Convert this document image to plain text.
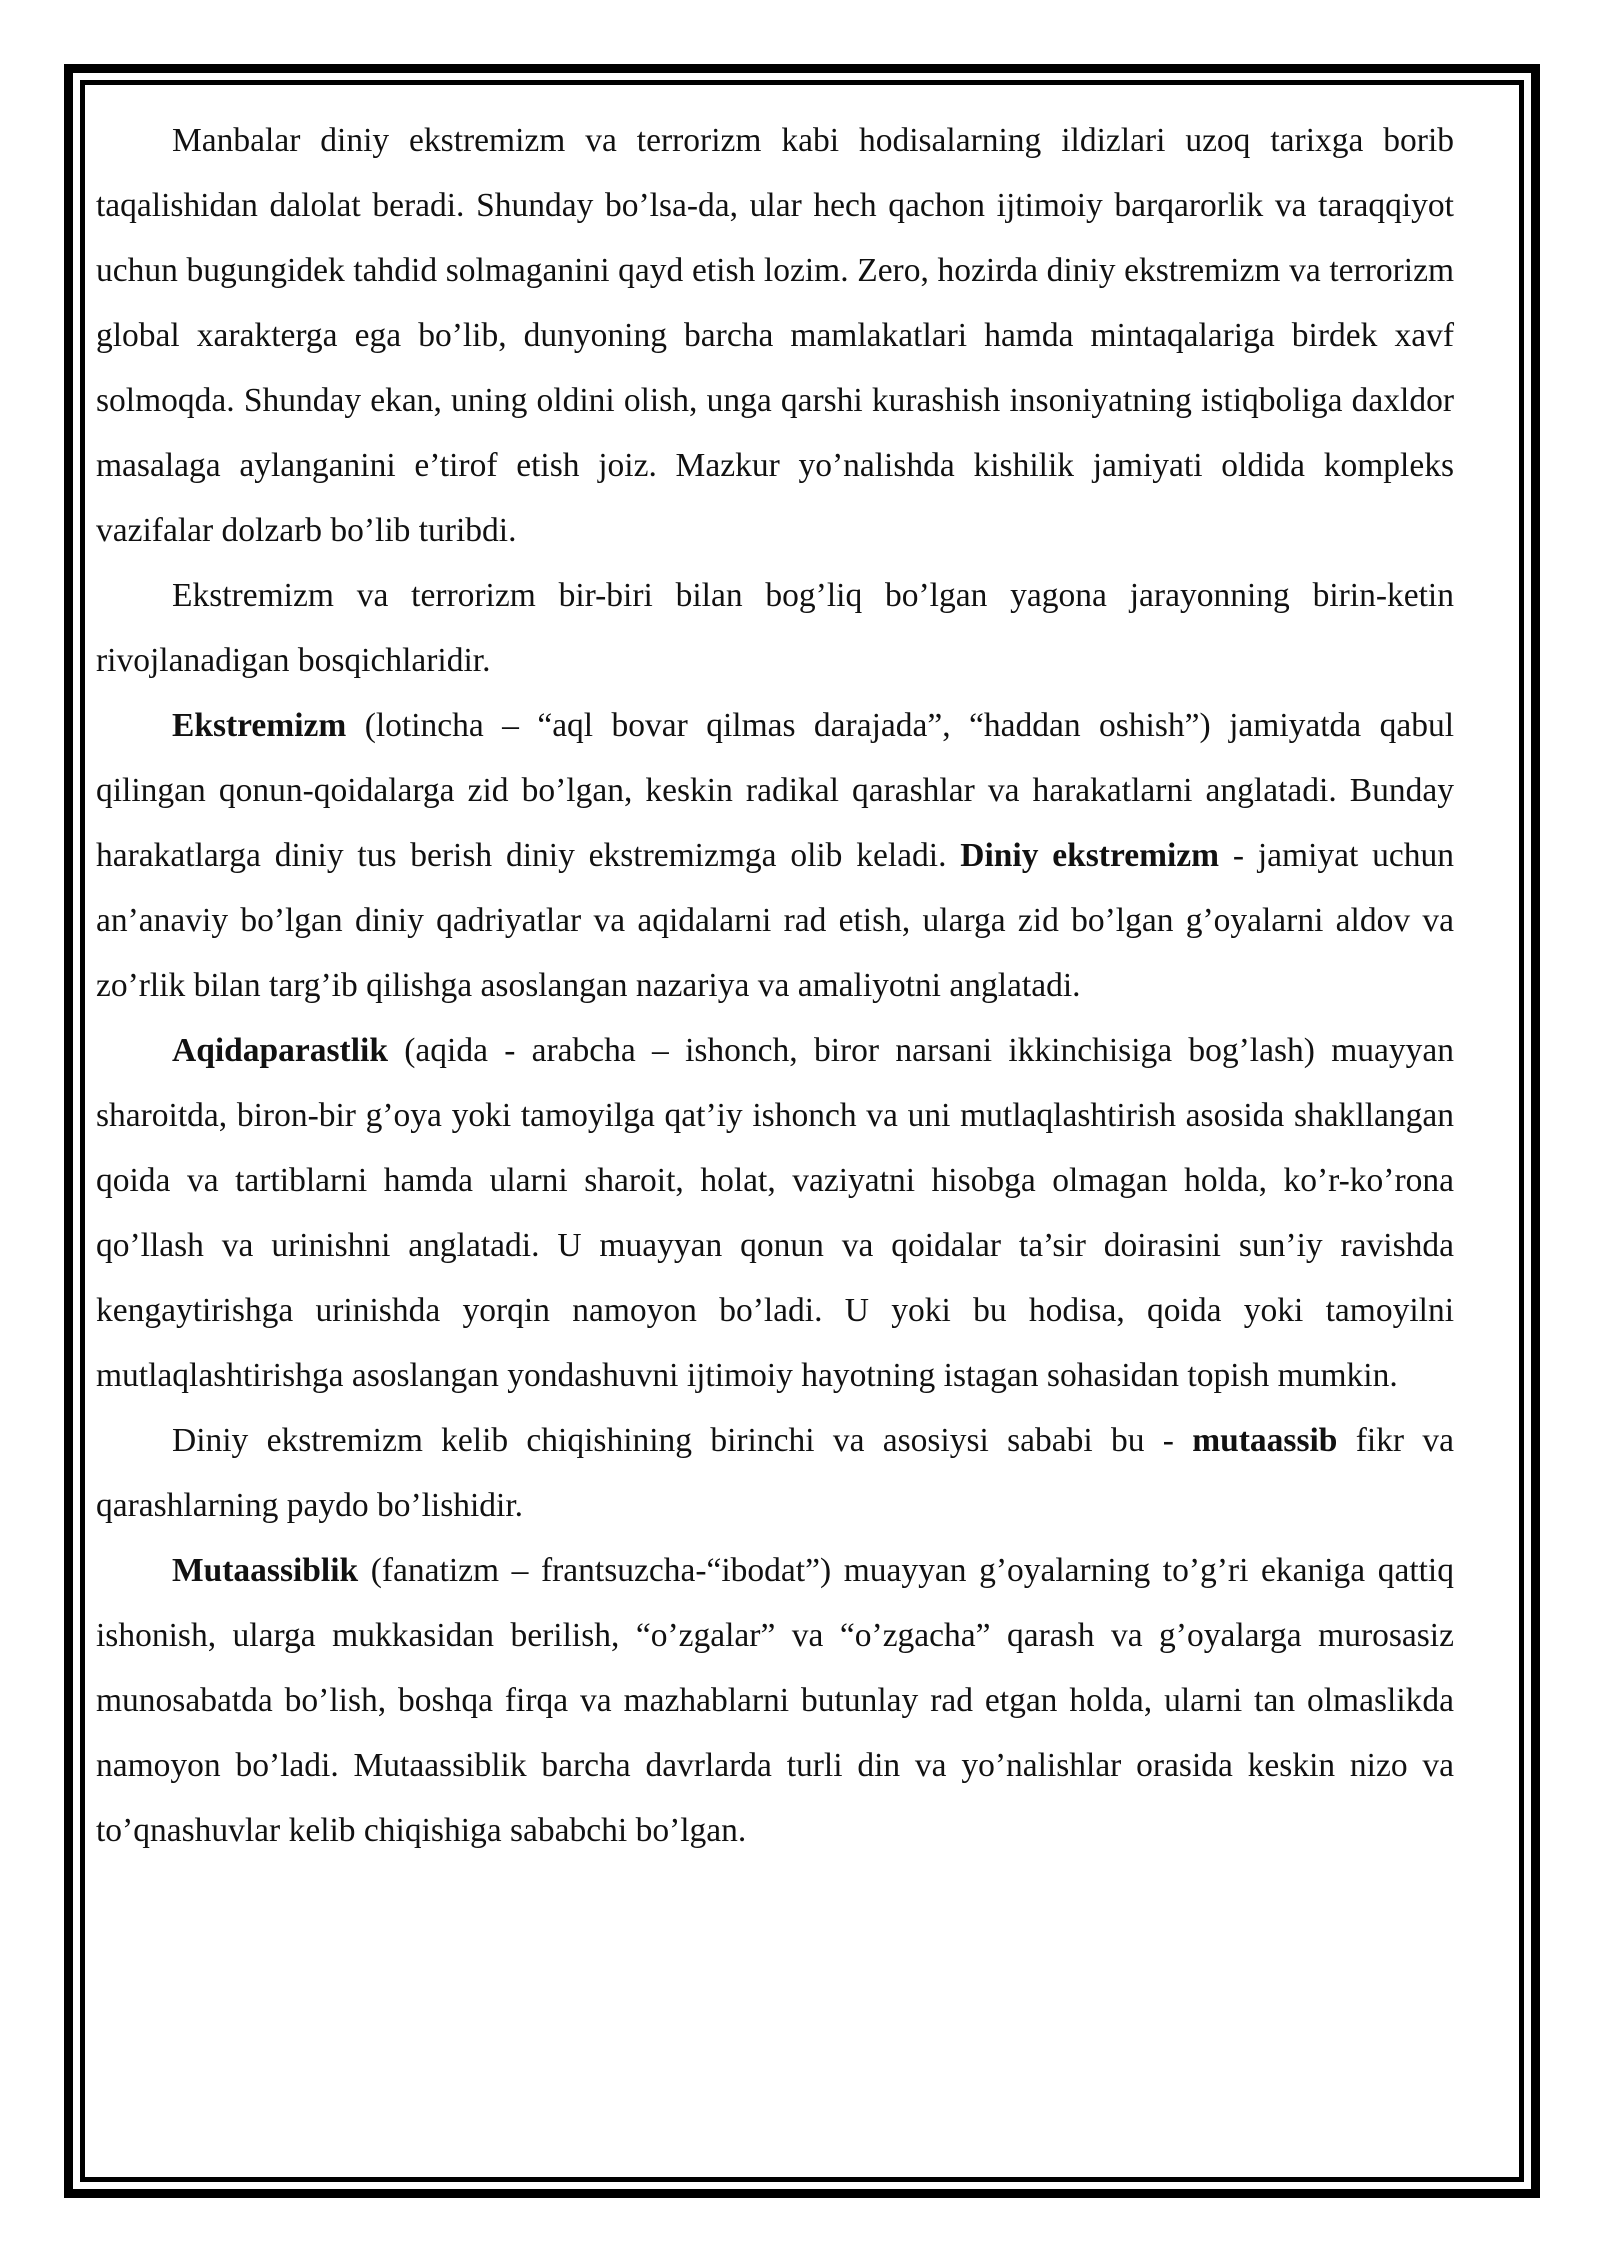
Manbalar diniy ekstremizm va terrorizm kabi hodisalarning ildizlari uzoq tarixga borib taqalishidan dalolat beradi. Shunday bo’lsa-da, ular hech qachon ijtimoiy barqarorlik va taraqqiyot uchun bugungidek tahdid solmaganini qayd etish lozim. Zero, hozirda diniy ekstremizm va terrorizm global xarakterga ega bo’lib, dunyoning barcha mamlakatlari hamda mintaqalariga birdek xavf solmoqda. Shunday ekan, uning oldini olish, unga qarshi kurashish insoniyatning istiqboliga daxldor masalaga aylanganini e’tirof etish joiz. Mazkur yo’nalishda kishilik jamiyati oldida kompleks vazifalar dolzarb bo’lib turibdi.

Ekstremizm va terrorizm bir-biri bilan bog’liq bo’lgan yagona jarayonning birin-ketin rivojlanadigan bosqichlaridir.

Ekstremizm (lotincha – “aql bovar qilmas darajada”, “haddan oshish”) jamiyatda qabul qilingan qonun-qoidalarga zid bo’lgan, keskin radikal qarashlar va harakatlarni anglatadi. Bunday harakatlarga diniy tus berish diniy ekstremizmga olib keladi. Diniy ekstremizm - jamiyat uchun an’anaviy bo’lgan diniy qadriyatlar va aqidalarni rad etish, ularga zid bo’lgan g’oyalarni aldov va zo’rlik bilan targ’ib qilishga asoslangan nazariya va amaliyotni anglatadi.

Aqidaparastlik (aqida - arabcha – ishonch, biror narsani ikkinchisiga bog’lash) muayyan sharoitda, biron-bir g’oya yoki tamoyilga qat’iy ishonch va uni mutlaqlashtirish asosida shakllangan qoida va tartiblarni hamda ularni sharoit, holat, vaziyatni hisobga olmagan holda, ko’r-ko’rona qo’llash va urinishni anglatadi. U muayyan qonun va qoidalar ta’sir doirasini sun’iy ravishda kengaytirishga urinishda yorqin namoyon bo’ladi. U yoki bu hodisa, qoida yoki tamoyilni mutlaqlashtirishga asoslangan yondashuvni ijtimoiy hayotning istagan sohasidan topish mumkin.

Diniy ekstremizm kelib chiqishining birinchi va asosiysi sababi bu - mutaassib fikr va qarashlarning paydo bo’lishidir.

Mutaassiblik (fanatizm – frantsuzcha-“ibodat”) muayyan g’oyalarning to’g’ri ekaniga qattiq ishonish, ularga mukkasidan berilish, “o’zgalar” va “o’zgacha” qarash va g’oyalarga murosasiz munosabatda bo’lish, boshqa firqa va mazhablarni butunlay rad etgan holda, ularni tan olmaslikda namoyon bo’ladi. Mutaassiblik barcha davrlarda turli din va yo’nalishlar orasida keskin nizo va to’qnashuvlar kelib chiqishiga sababchi bo’lgan.
